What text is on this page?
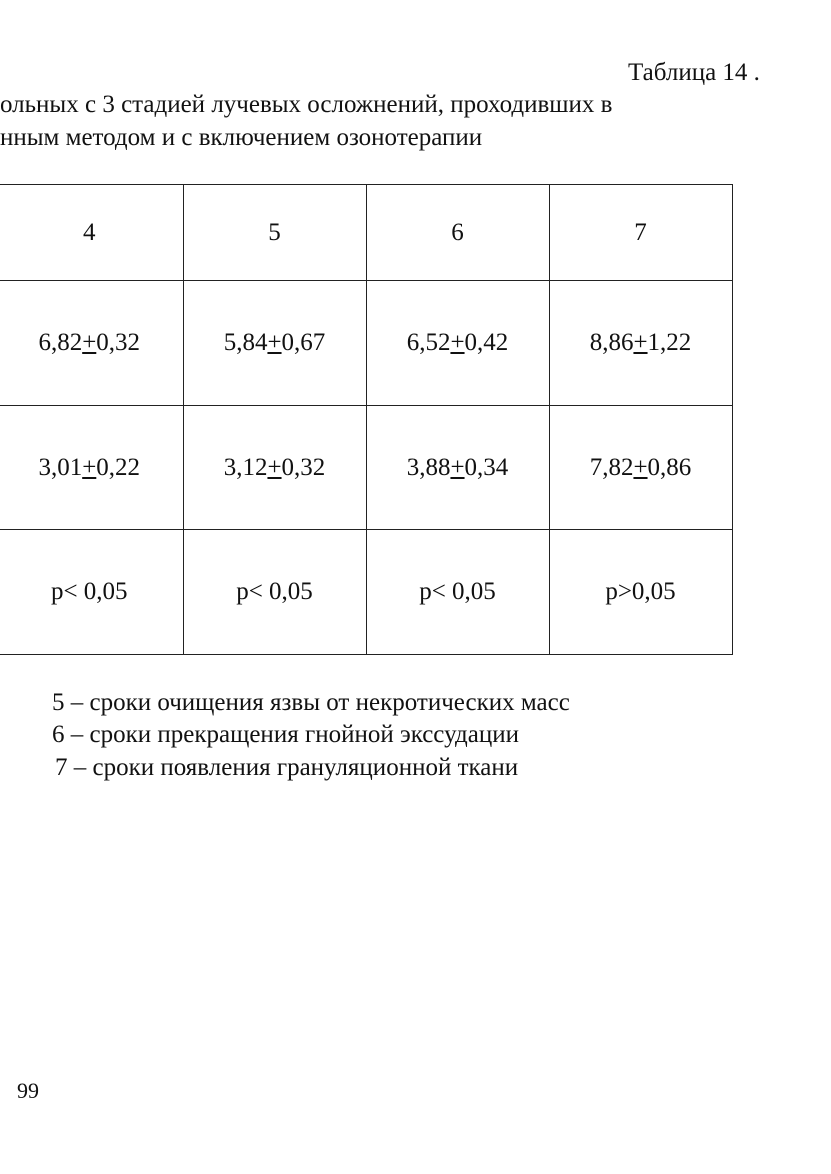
Таблица 14 .
ольных с 3 стадией лучевых осложнений, проходивших в
нным методом и с включением озонотерапии
4	5	6	7
6,82+0,32	5,84+0,67	6,52+0,42	8,86+1,22
3,01+0,22	3,12+0,32	3,88+0,34	7,82+0,86
p< 0,05	p< 0,05	p< 0,05	p>0,05
5 – сроки очищения язвы от некротических масс
6 – сроки прекращения гнойной экссудации
7 – сроки появления грануляционной ткани
99
